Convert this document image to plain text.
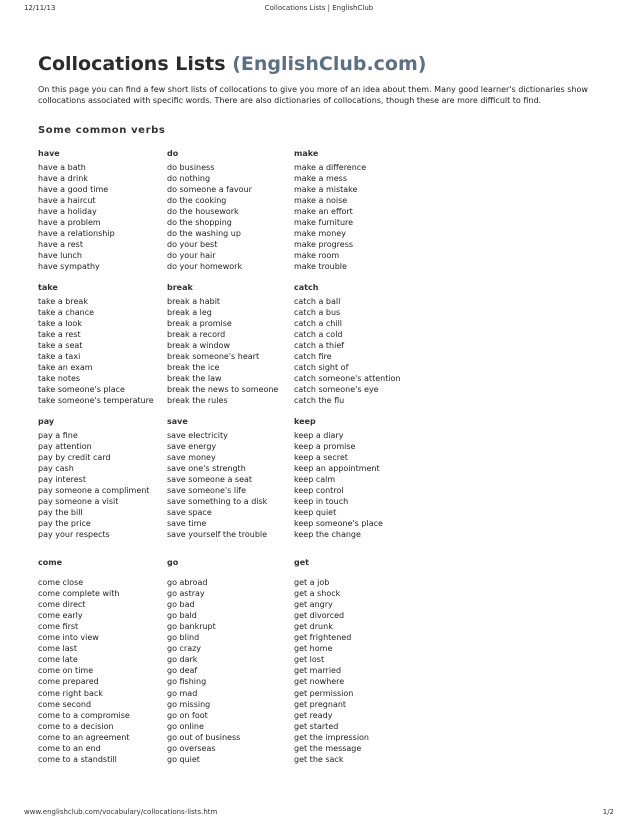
12/11/13	Collocations Lists | EnglishClub
Collocations Lists (EnglishClub.com)

On this page you can find a few short lists of collocations to give you more of an idea about them. Many good learner's dictionaries show collocations associated with specific words. There are also dictionaries of collocations, though these are more difficult to find.

Some common verbs
have
have a bath
have a drink
have a good time
have a haircut
have a holiday
have a problem
have a relationship
have a rest
have lunch
have sympathy
do
do business
do nothing
do someone a favour
do the cooking
do the housework
do the shopping
do the washing up
do your best
do your hair
do your homework
make
make a difference
make a mess
make a mistake
make a noise
make an effort
make furniture
make money
make progress
make room
make trouble
take
take a break
take a chance
take a look
take a rest
take a seat
take a taxi
take an exam
take notes
take someone's place
take someone's temperature
break
break a habit
break a leg
break a promise
break a record
break a window
break someone's heart
break the ice
break the law
break the news to someone
break the rules
catch
catch a ball
catch a bus
catch a chill
catch a cold
catch a thief
catch fire
catch sight of
catch someone's attention
catch someone's eye
catch the flu
pay
pay a fine
pay attention
pay by credit card
pay cash
pay interest
pay someone a compliment
pay someone a visit
pay the bill
pay the price
pay your respects
save
save electricity
save energy
save money
save one's strength
save someone a seat
save someone's life
save something to a disk
save space
save time
save yourself the trouble
keep
keep a diary
keep a promise
keep a secret
keep an appointment
keep calm
keep control
keep in touch
keep quiet
keep someone's place
keep the change
come
come close
come complete with
come direct
come early
come first
come into view
come last
come late
come on time
come prepared
come right back
come second
come to a compromise
come to a decision
come to an agreement
come to an end
come to a standstill
go
go abroad
go astray
go bad
go bald
go bankrupt
go blind
go crazy
go dark
go deaf
go fishing
go mad
go missing
go on foot
go online
go out of business
go overseas
go quiet
get
get a job
get a shock
get angry
get divorced
get drunk
get frightened
get home
get lost
get married
get nowhere
get permission
get pregnant
get ready
get started
get the impression
get the message
get the sack
www.englishclub.com/vocabulary/collocations-lists.htm	1/2
